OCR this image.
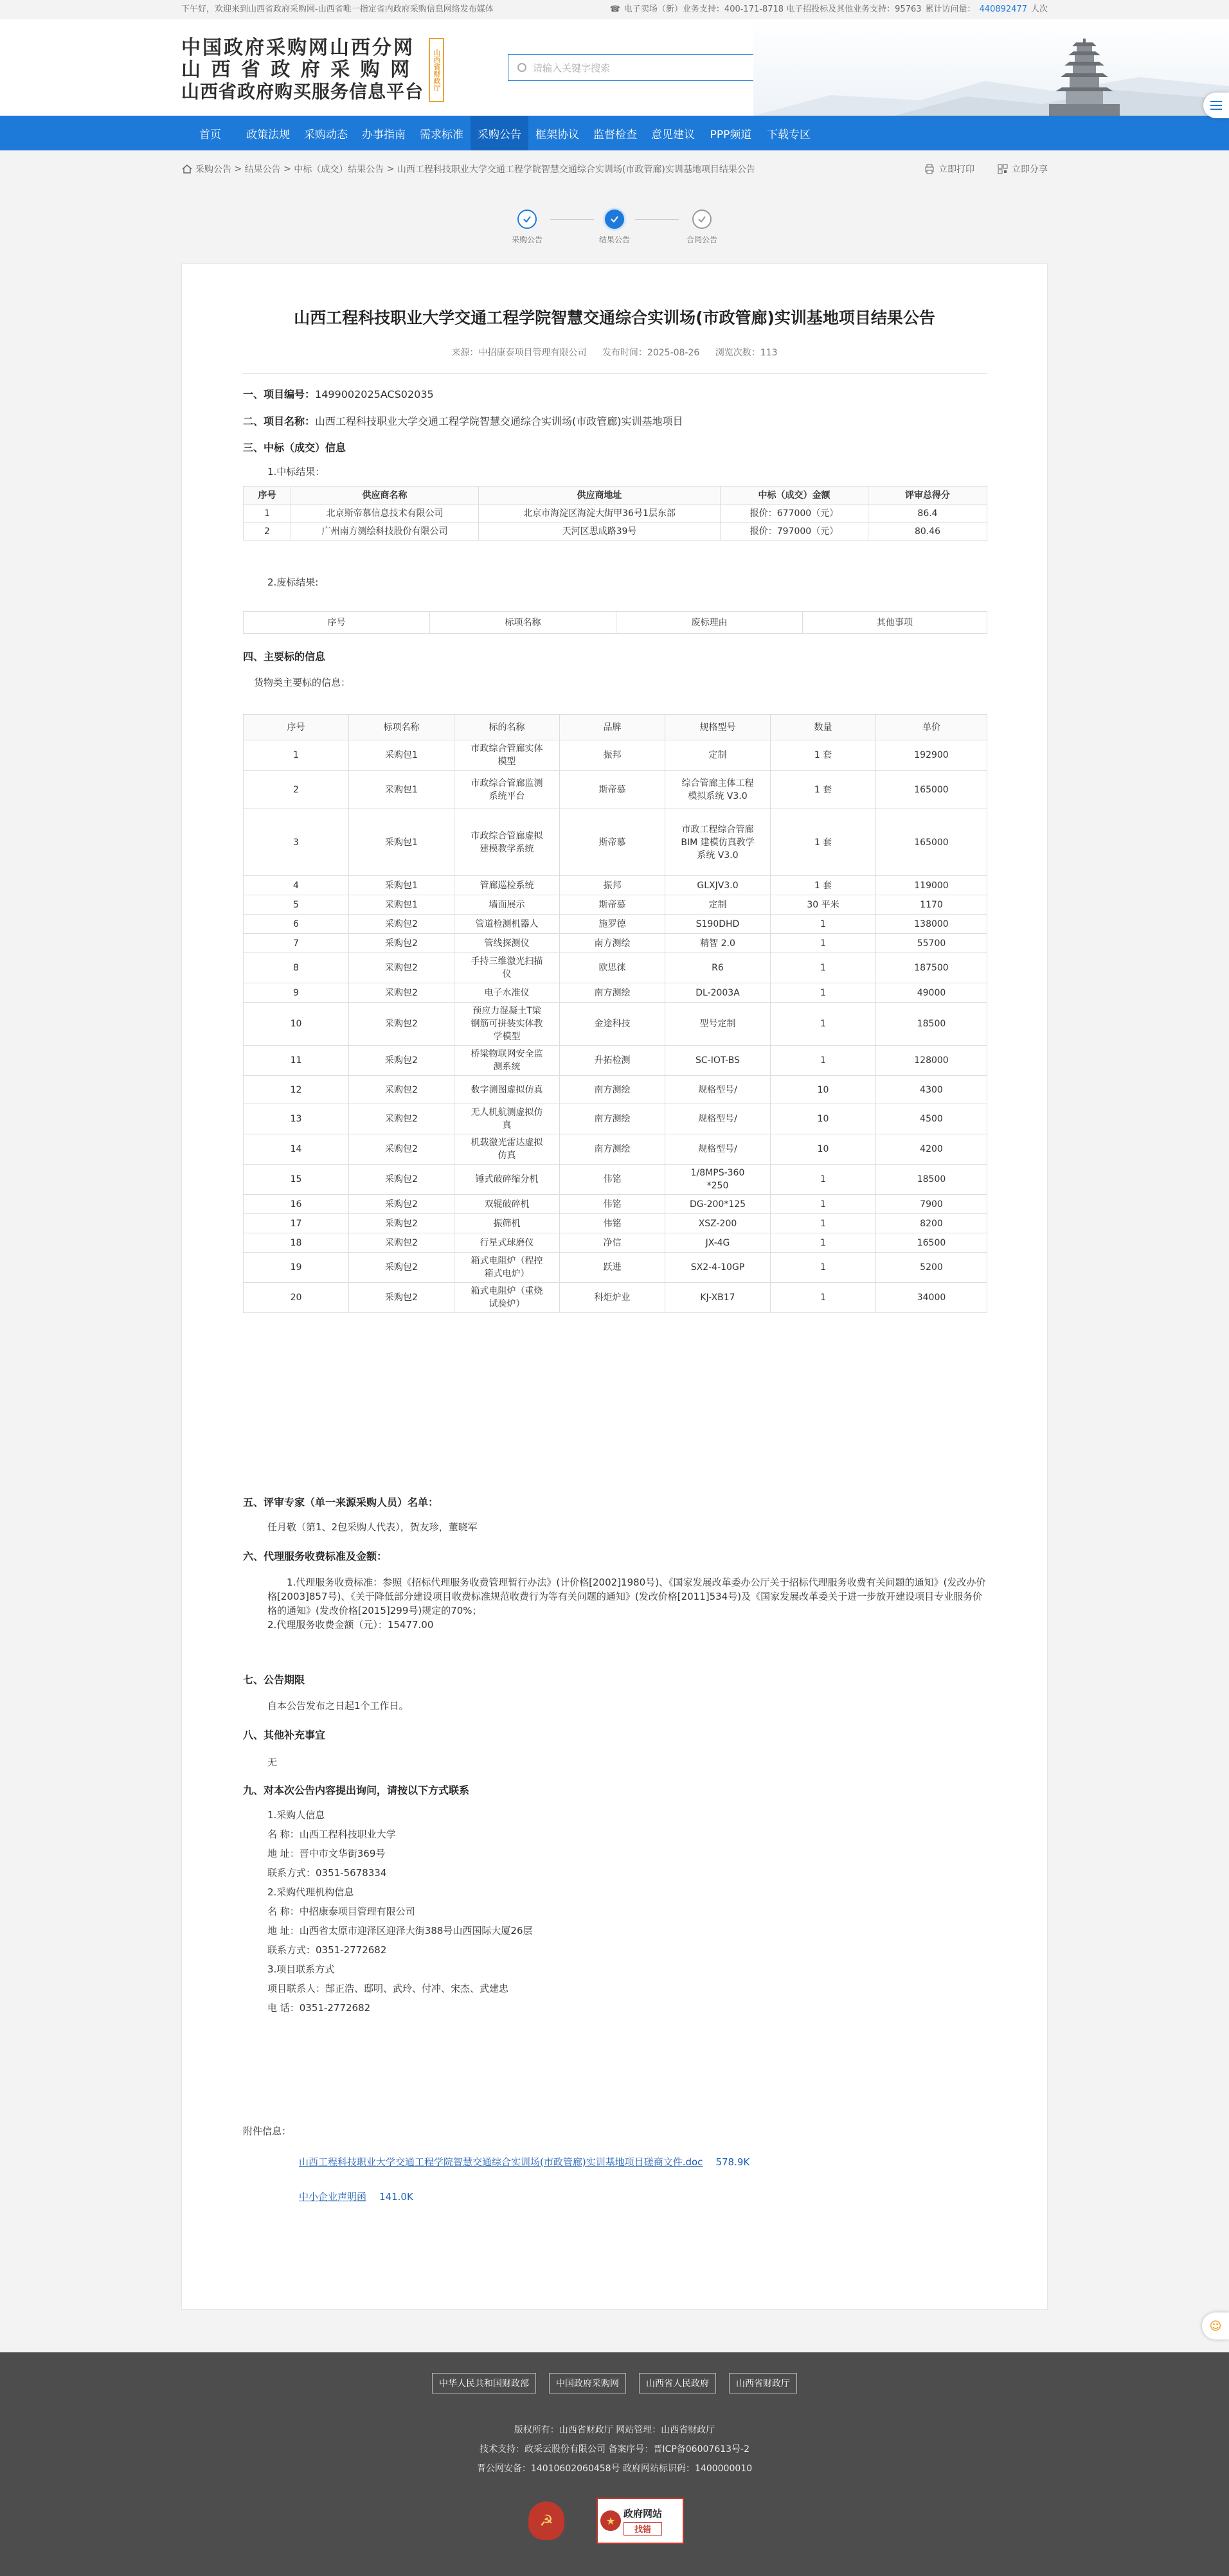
下午好，欢迎来到山西省政府采购网-山西省唯一指定省内政府采购信息网络发布媒体	☎ 电子卖场（新）业务支持：400-171-8718 电子招投标及其他业务支持：95763 累计访问量： 440892477 人次
中国政府采购网山西分网
山 西 省 政 府 采 购 网
山西省政府购买服务信息平台
山西省财政厅	请输入关键字搜索
首页	政策法规	采购动态	办事指南	需求标准	采购公告	框架协议	监督检查	意见建议	PPP频道	下载专区
采购公告
>
结果公告
>
中标（成交）结果公告
>
山西工程科技职业大学交通工程学院智慧交通综合实训场(市政管廊)实训基地项目结果公告	立即打印	立即分享
采购公告	结果公告	合同公告
山西工程科技职业大学交通工程学院智慧交通综合实训场(市政管廊)实训基地项目结果公告
来源：中招康泰项目管理有限公司 发布时间：2025-08-26 浏览次数：113
一、项目编号：1499002025ACS02035
二、项目名称：山西工程科技职业大学交通工程学院智慧交通综合实训场(市政管廊)实训基地项目
三、中标（成交）信息
1.中标结果：
序号	供应商名称	供应商地址	中标（成交）金额	评审总得分
1	北京斯帝慕信息技术有限公司	北京市海淀区海淀大街甲36号1层东部	报价：677000（元）	86.4
2	广州南方测绘科技股份有限公司	天河区思成路39号	报价：797000（元）	80.46
2.废标结果:
序号	标项名称	废标理由	其他事项
四、主要标的信息
货物类主要标的信息：
序号	标项名称	标的名称	品牌	规格型号	数量	单价
1	采购包1	市政综合管廊实体模型	振邦	定制	1 套	192900
2	采购包1	市政综合管廊监测系统平台	斯帝慕	综合管廊主体工程
模拟系统 V3.0	1 套	165000
3	采购包1	市政综合管廊虚拟建模教学系统	斯帝慕	市政工程综合管廊
BIM 建模仿真教学
系统 V3.0	1 套	165000
4	采购包1	管廊巡检系统	振邦	GLXJV3.0	1 套	119000
5	采购包1	墙面展示	斯帝慕	定制	30 平米	1170
6	采购包2	管道检测机器人	施罗德	S190DHD	1	138000
7	采购包2	管线探测仪	南方测绘	精智 2.0	1	55700
8	采购包2	手持三维激光扫描仪	欧思徕	R6	1	187500
9	采购包2	电子水准仪	南方测绘	DL-2003A	1	49000
10	采购包2	预应力混凝土T梁钢筋可拼装实体教学模型	金途科技	型号定制	1	18500
11	采购包2	桥梁物联网安全监测系统	升拓检测	SC-IOT-BS	1	128000
12	采购包2	数字测图虚拟仿真	南方测绘	规格型号/	10	4300
13	采购包2	无人机航测虚拟仿真	南方测绘	规格型号/	10	4500
14	采购包2	机载激光雷达虚拟仿真	南方测绘	规格型号/	10	4200
15	采购包2	锤式破碎缩分机	伟铭	1/8MPS-360
*250	1	18500
16	采购包2	双辊破碎机	伟铭	DG-200*125	1	7900
17	采购包2	振筛机	伟铭	XSZ-200	1	8200
18	采购包2	行星式球磨仪	净信	JX-4G	1	16500
19	采购包2	箱式电阻炉（程控箱式电炉）	跃进	SX2-4-10GP	1	5200
20	采购包2	箱式电阻炉（重烧试验炉）	科炬炉业	KJ-XB17	1	34000
五、评审专家（单一来源采购人员）名单：
任月敬（第1、2包采购人代表），贺友珍，董晓军
六、代理服务收费标准及金额：
1.代理服务收费标准：参照《招标代理服务收费管理暂行办法》(计价格[2002]1980号)、《国家发展改革委办公厅关于招标代理服务收费有关问题的通知》(发改办价格[2003]857号)、《关于降低部分建设项目收费标准规范收费行为等有关问题的通知》(发改价格[2011]534号)及《国家发展改革委关于进一步放开建设项目专业服务价格的通知》(发改价格[2015]299号)规定的70%；
2.代理服务收费金额（元）：15477.00
七、公告期限
自本公告发布之日起1个工作日。
八、其他补充事宜
无
九、对本次公告内容提出询问，请按以下方式联系
1.采购人信息
名 称：山西工程科技职业大学
地 址：晋中市文华街369号
联系方式：0351-5678334
2.采购代理机构信息
名 称：中招康泰项目管理有限公司
地 址：山西省太原市迎泽区迎泽大街388号山西国际大厦26层
联系方式：0351-2772682
3.项目联系方式
项目联系人：郜正浩、邸明、武玲、付冲、宋杰、武建忠
电 话：0351-2772682
附件信息：
山西工程科技职业大学交通工程学院智慧交通综合实训场(市政管廊)实训基地项目磋商文件.doc 578.9K
中小企业声明函 141.0K
☺
中华人民共和国财政部	中国政府采购网	山西省人民政府	山西省财政厅
版权所有：山西省财政厅 网站管理：山西省财政厅
技术支持：政采云股份有限公司 备案序号：晋ICP备06007613号-2
晋公网安备：14010602060458号 政府网站标识码：1400000010
☭	★
政府网站
找错
